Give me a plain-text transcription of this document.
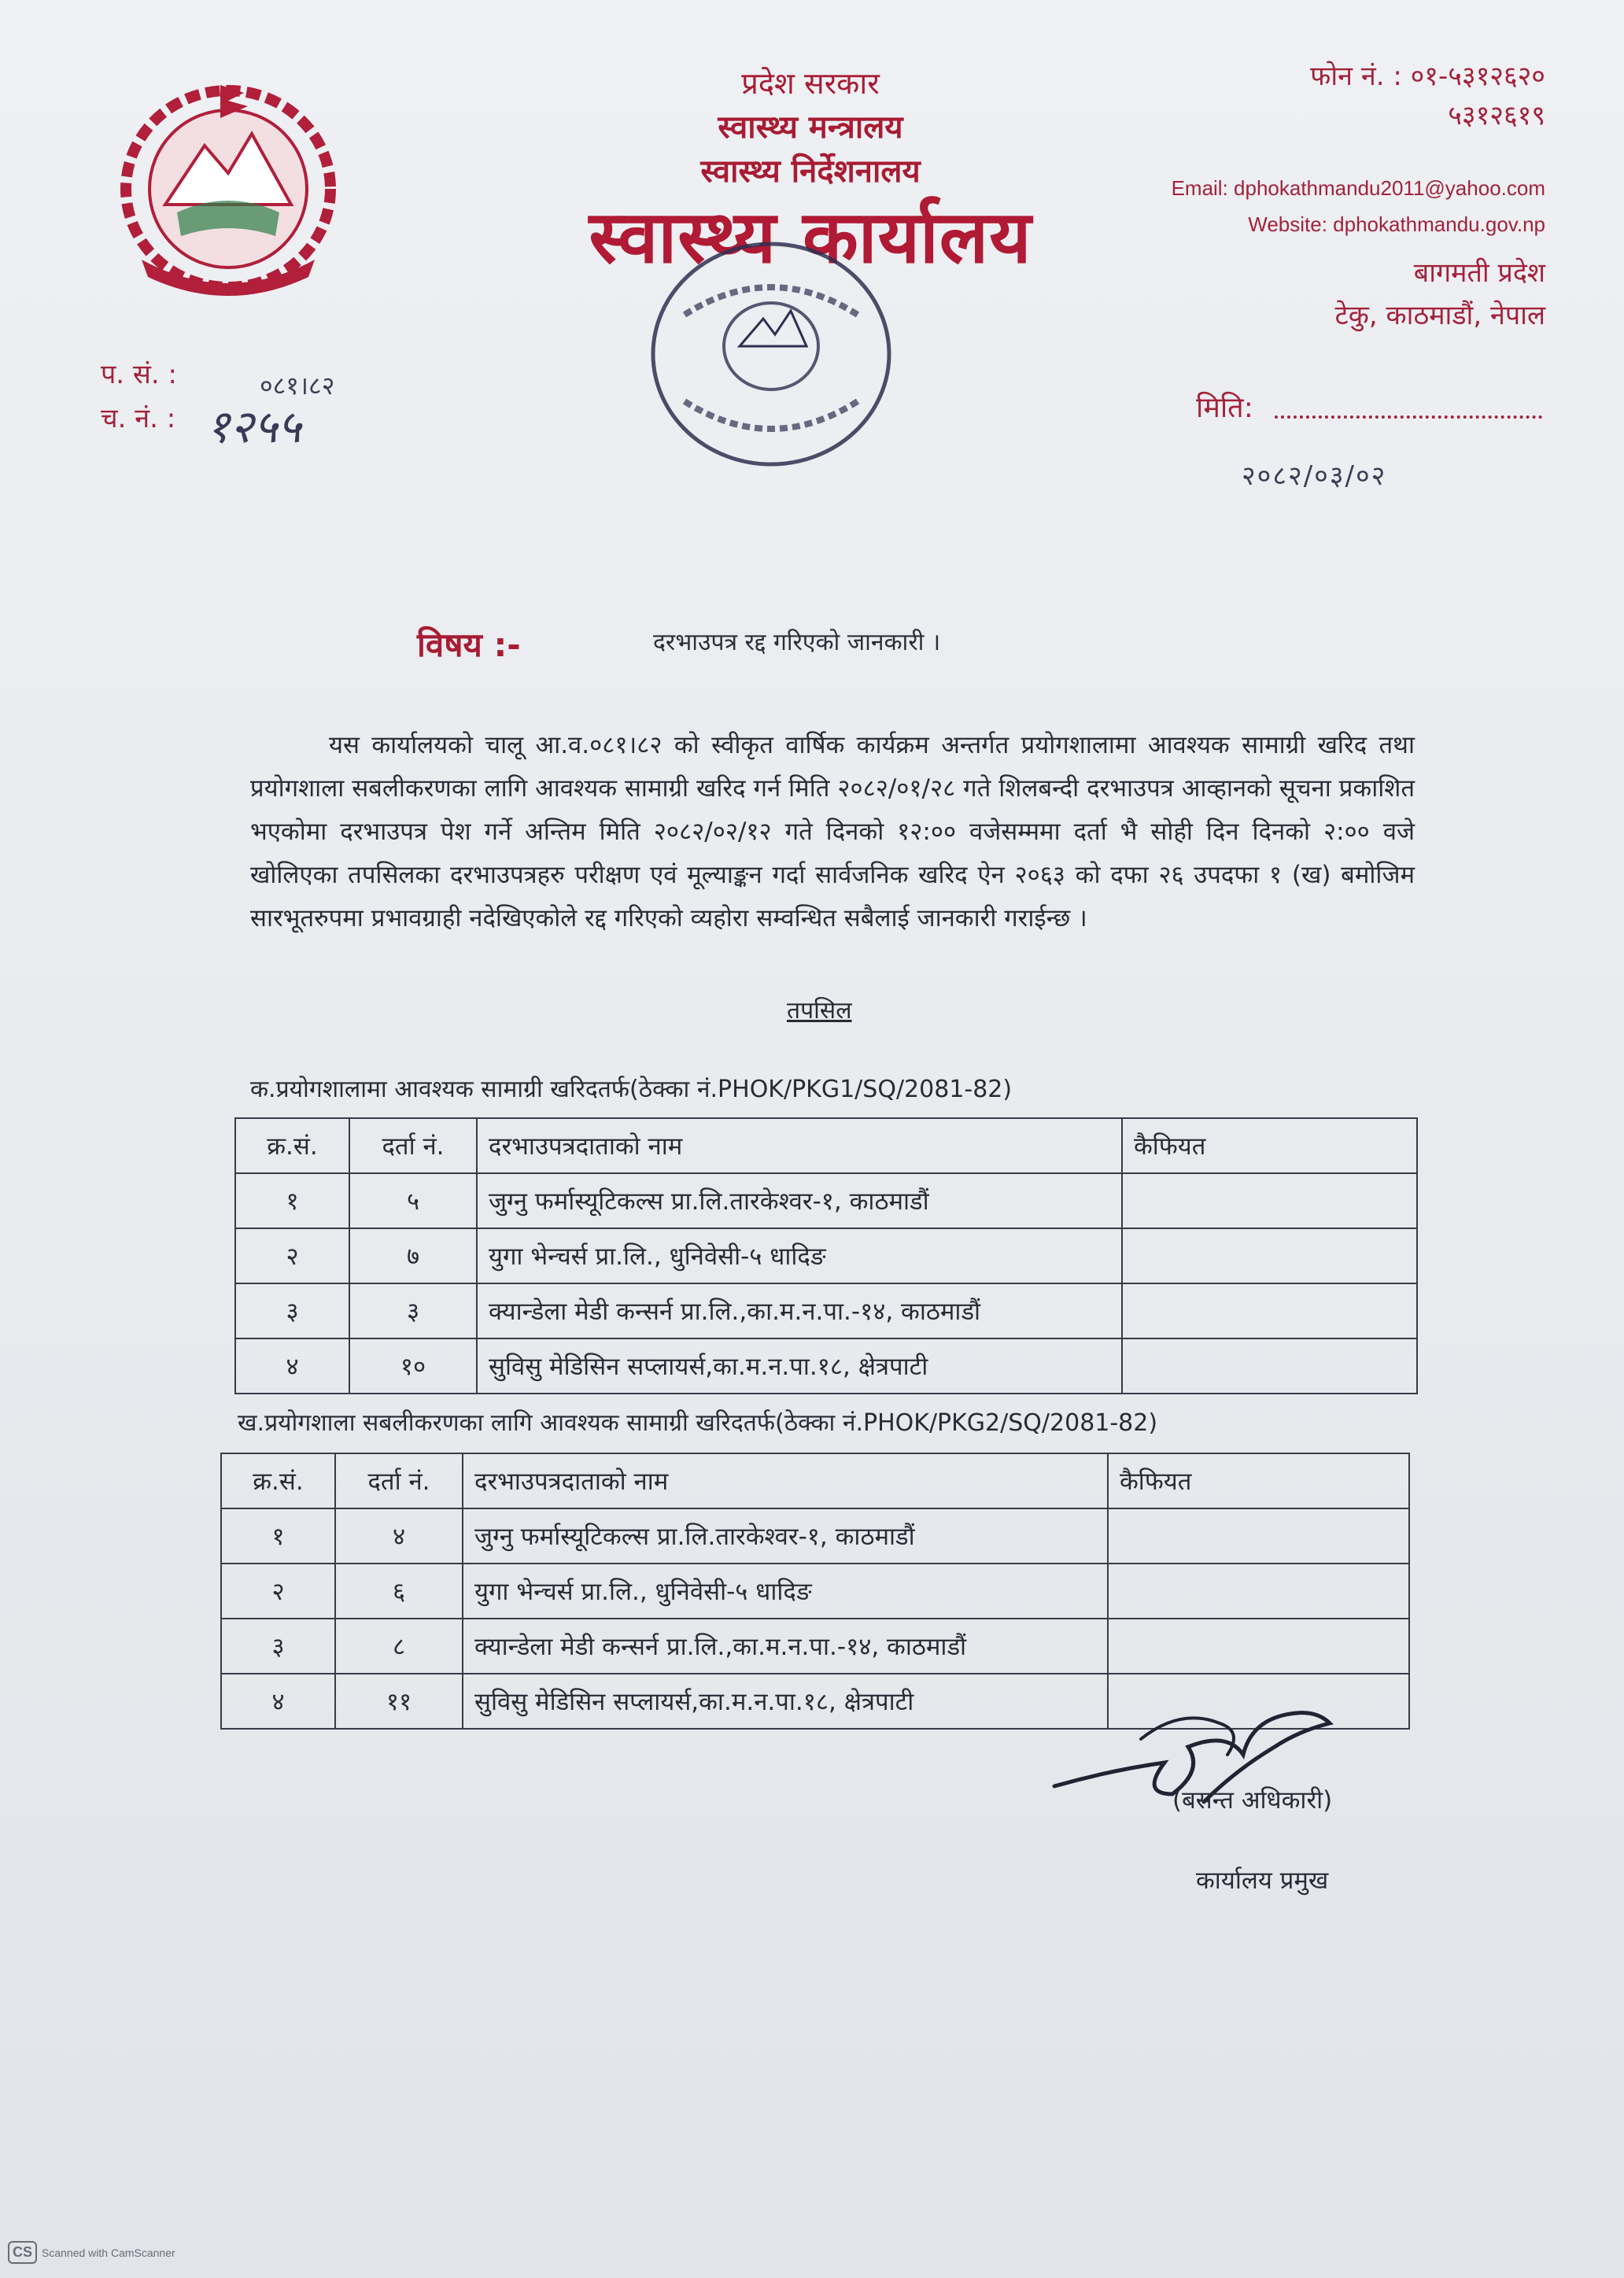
प्रदेश सरकार
स्वास्थ्य मन्त्रालय
स्वास्थ्य निर्देशनालय
स्वास्थ्य कार्यालय
फोन नं. : ०१-५३१२६२०
५३१२६१९
Email: dphokathmandu2011@yahoo.com
Website: dphokathmandu.gov.np
बागमती प्रदेश
टेकु, काठमाडौं, नेपाल
प. सं. :
च. नं. :
०८१।८२
१२५५	मिति:
२०८२/०३/०२
विषय :-	दरभाउपत्र रद्द गरिएको जानकारी ।
यस कार्यालयको चालू आ.व.०८१।८२ को स्वीकृत वार्षिक कार्यक्रम अन्तर्गत प्रयोगशालामा आवश्यक सामाग्री खरिद तथा प्रयोगशाला सबलीकरणका लागि आवश्यक सामाग्री खरिद गर्न मिति २०८२/०१/२८ गते शिलबन्दी दरभाउपत्र आव्हानको सूचना प्रकाशित भएकोमा दरभाउपत्र पेश गर्ने अन्तिम मिति २०८२/०२/१२ गते दिनको १२:०० वजेसम्ममा दर्ता भै सोही दिन दिनको २:०० वजे खोलिएका तपसिलका दरभाउपत्रहरु परीक्षण एवं मूल्याङ्कन गर्दा सार्वजनिक खरिद ऐन २०६३ को दफा २६ उपदफा १ (ख) बमोजिम सारभूतरुपमा प्रभावग्राही नदेखिएकोले रद्द गरिएको व्यहोरा सम्वन्धित सबैलाई जानकारी गराईन्छ ।
तपसिल
क.प्रयोगशालामा आवश्यक सामाग्री खरिदतर्फ(ठेक्का नं.PHOK/PKG1/SQ/2081-82)
क्र.सं.	दर्ता नं.	दरभाउपत्रदाताको नाम	कैफियत
१	५	जुग्नु फर्मास्यूटिकल्स प्रा.लि.तारकेश्वर-१, काठमाडौं	
२	७	युगा भेन्चर्स प्रा.लि., धुनिवेसी-५ धादिङ	
३	३	क्यान्डेला मेडी कन्सर्न प्रा.लि.,का.म.न.पा.-१४, काठमाडौं	
४	१०	सुविसु मेडिसिन सप्लायर्स,का.म.न.पा.१८, क्षेत्रपाटी	
ख.प्रयोगशाला सबलीकरणका लागि आवश्यक सामाग्री खरिदतर्फ(ठेक्का नं.PHOK/PKG2/SQ/2081-82)
क्र.सं.	दर्ता नं.	दरभाउपत्रदाताको नाम	कैफियत
१	४	जुग्नु फर्मास्यूटिकल्स प्रा.लि.तारकेश्वर-१, काठमाडौं	
२	६	युगा भेन्चर्स प्रा.लि., धुनिवेसी-५ धादिङ	
३	८	क्यान्डेला मेडी कन्सर्न प्रा.लि.,का.म.न.पा.-१४, काठमाडौं	
४	११	सुविसु मेडिसिन सप्लायर्स,का.म.न.पा.१८, क्षेत्रपाटी	
(बसन्त अधिकारी)
कार्यालय प्रमुख
CS Scanned with CamScanner
